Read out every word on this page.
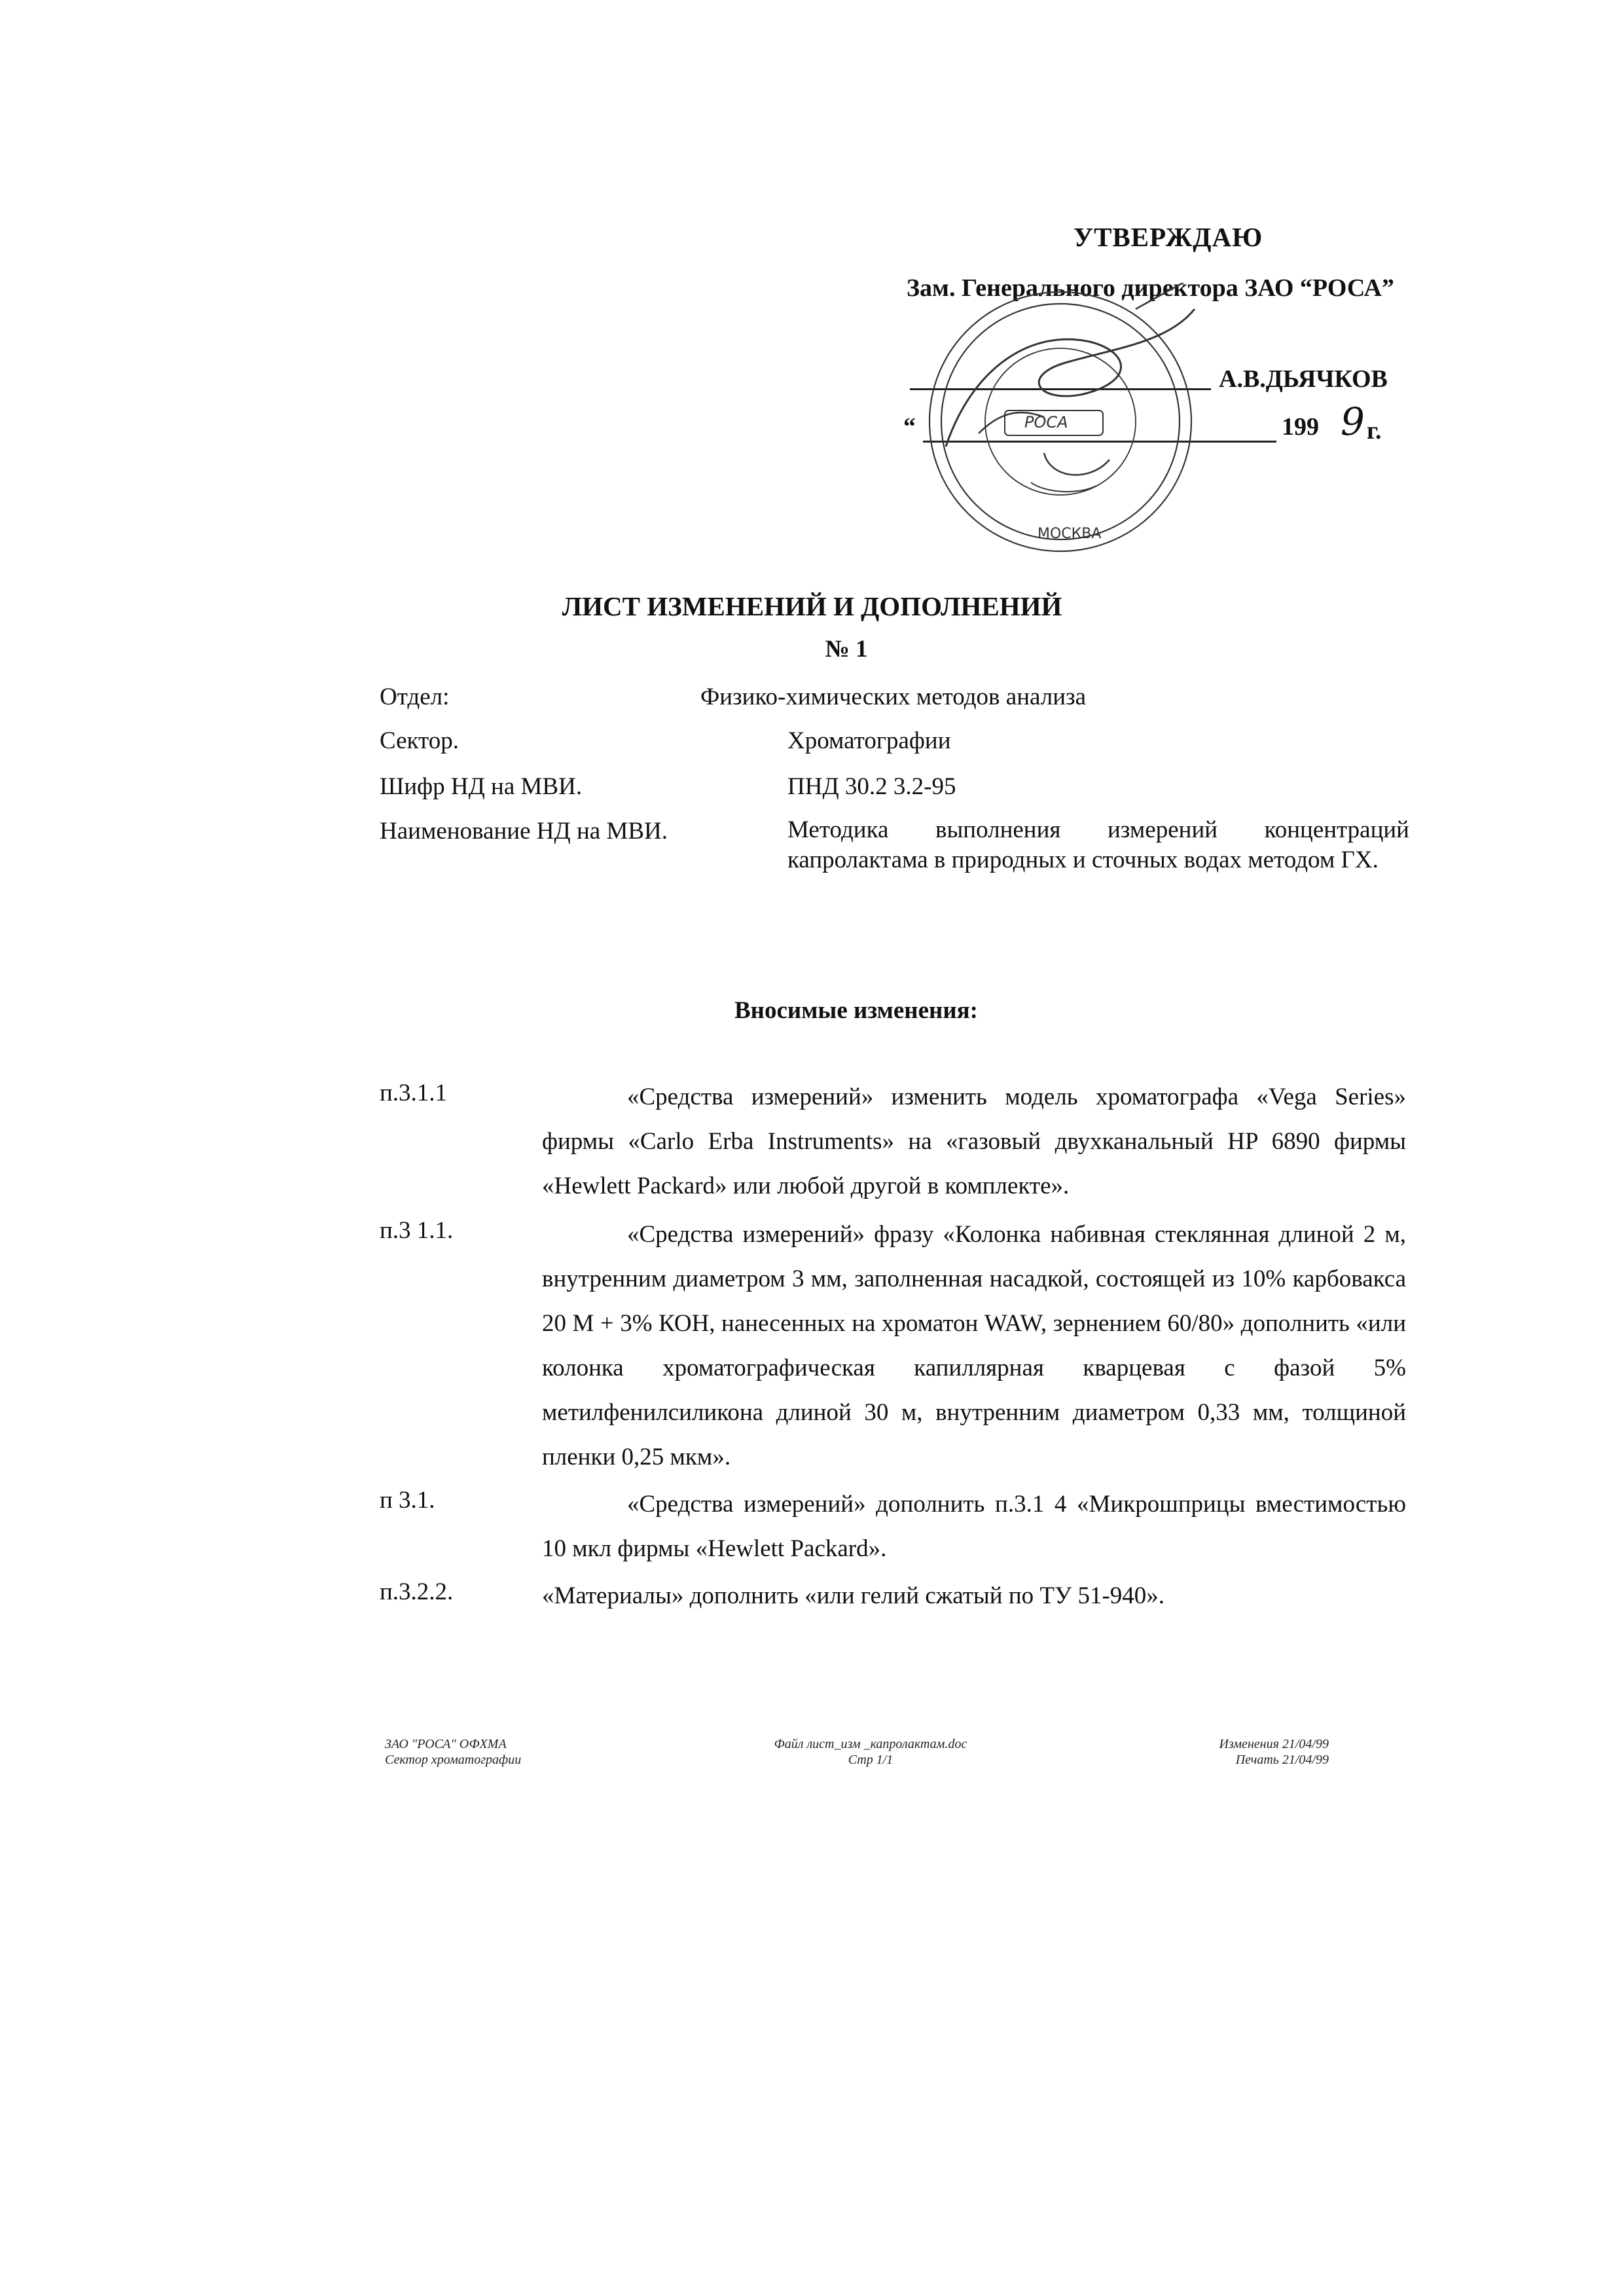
УТВЕРЖДАЮ
Зам. Генерального директора ЗАО “РОСА”
А.В.ДЬЯЧКОВ
“	199 9 г.
МОСКВА
РОСА
ЛИСТ ИЗМЕНЕНИЙ И ДОПОЛНЕНИЙ
№ 1
Отдел:	Физико-химических методов анализа
Сектор.	Хроматографии
Шифр НД на МВИ.	ПНД 30.2 3.2-95
Наименование НД на МВИ.	Методика выполнения измерений концентраций капролактама в природных и сточных водах методом ГХ.
Вносимые изменения:
п.3.1.1	«Средства измерений» изменить модель хроматографа «Vega Series» фирмы «Carlo Erba Instruments» на «газовый двухканальный HP 6890 фирмы «Hewlett Packard» или любой другой в комплекте».
п.3 1.1.	«Средства измерений» фразу «Колонка набивная стеклянная длиной 2 м, внутренним диаметром 3 мм, заполненная насадкой, состоящей из 10% карбовакса 20 М + 3% КОН, нанесенных на хроматон WAW, зернением 60/80» дополнить «или колонка хроматографическая капиллярная кварцевая с фазой 5% метилфенилсиликона длиной 30 м, внутренним диаметром 0,33 мм, толщиной пленки 0,25 мкм».
п 3.1.	«Средства измерений» дополнить п.3.1 4 «Микрошприцы вместимостью 10 мкл фирмы «Hewlett Packard».
п.3.2.2.	«Материалы» дополнить «или гелий сжатый по ТУ 51-940».
ЗАО "РОСА" ОФХМА
Сектор хроматографии
Файл лист_изм _капролактам.doc
Стр 1/1
Изменения 21/04/99
Печать 21/04/99
